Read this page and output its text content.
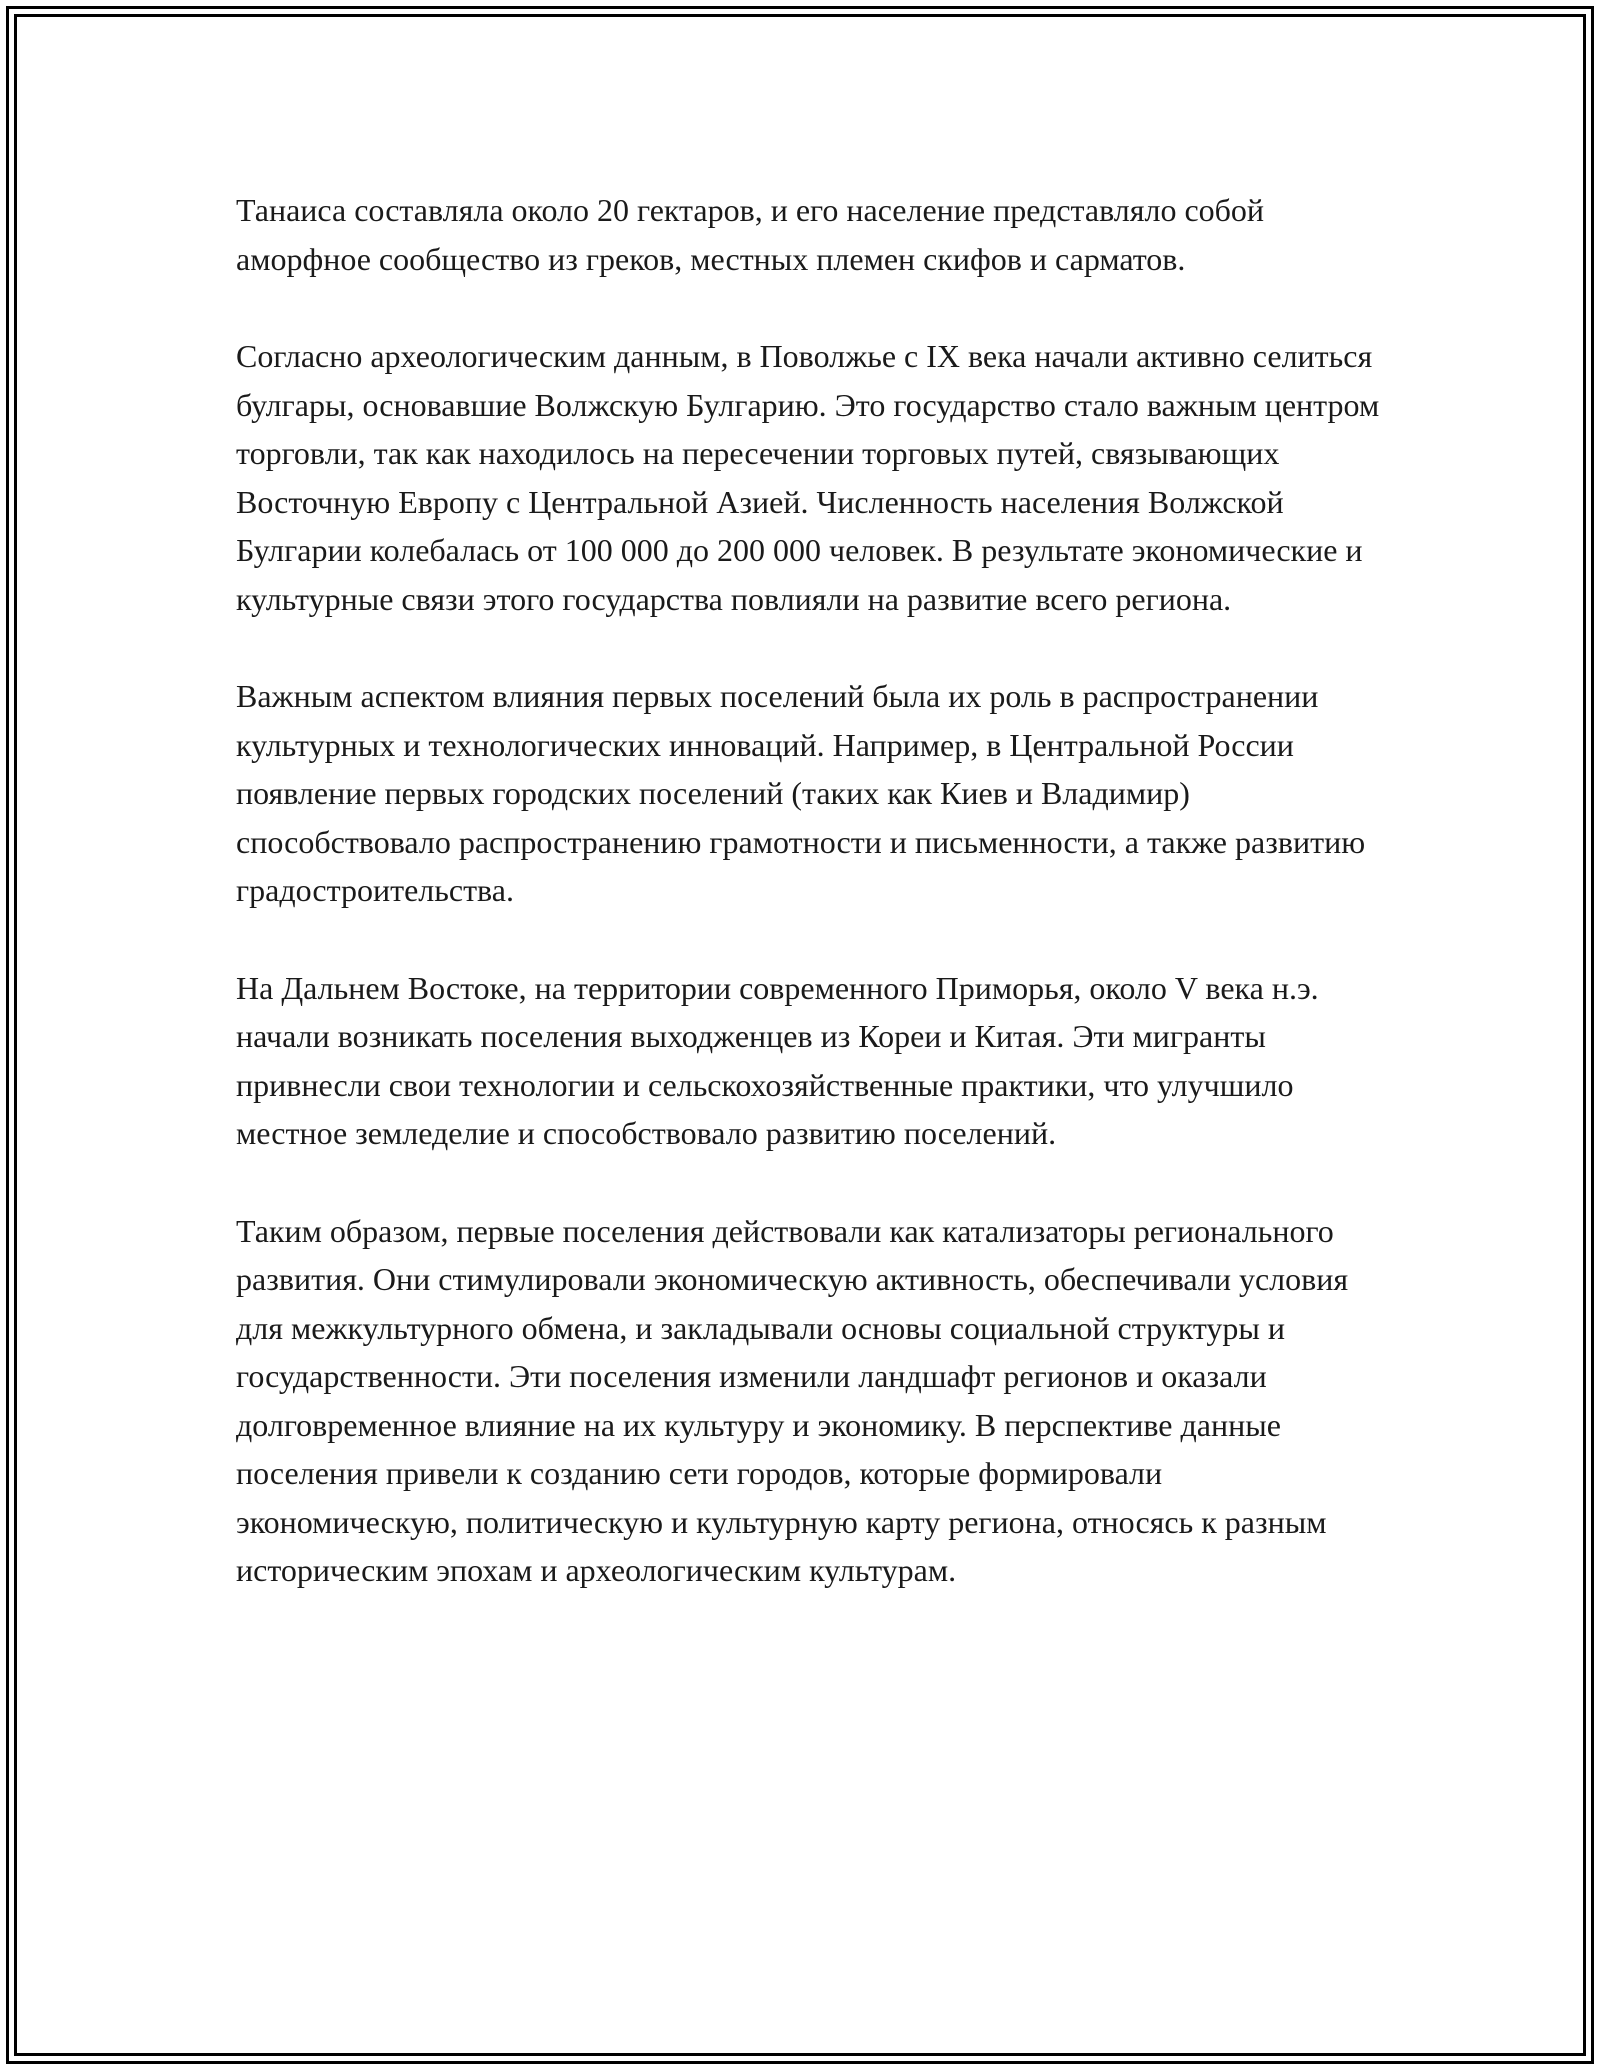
Танаиса составляла около 20 гектаров, и его население представляло собой аморфное сообщество из греков, местных племен скифов и сарматов.

Согласно археологическим данным, в Поволжье с IX века начали активно селиться булгары, основавшие Волжскую Булгарию. Это государство стало важным центром торговли, так как находилось на пересечении торговых путей, связывающих Восточную Европу с Центральной Азией. Численность населения Волжской Булгарии колебалась от 100 000 до 200 000 человек. В результате экономические и культурные связи этого государства повлияли на развитие всего региона.

Важным аспектом влияния первых поселений была их роль в распространении культурных и технологических инноваций. Например, в Центральной России появление первых городских поселений (таких как Киев и Владимир) способствовало распространению грамотности и письменности, а также развитию градостроительства.

На Дальнем Востоке, на территории современного Приморья, около V века н.э. начали возникать поселения выходженцев из Кореи и Китая. Эти мигранты привнесли свои технологии и сельскохозяйственные практики, что улучшило местное земледелие и способствовало развитию поселений.

Таким образом, первые поселения действовали как катализаторы регионального развития. Они стимулировали экономическую активность, обеспечивали условия для межкультурного обмена, и закладывали основы социальной структуры и государственности. Эти поселения изменили ландшафт регионов и оказали долговременное влияние на их культуру и экономику. В перспективе данные поселения привели к созданию сети городов, которые формировали экономическую, политическую и культурную карту региона, относясь к разным историческим эпохам и археологическим культурам.
